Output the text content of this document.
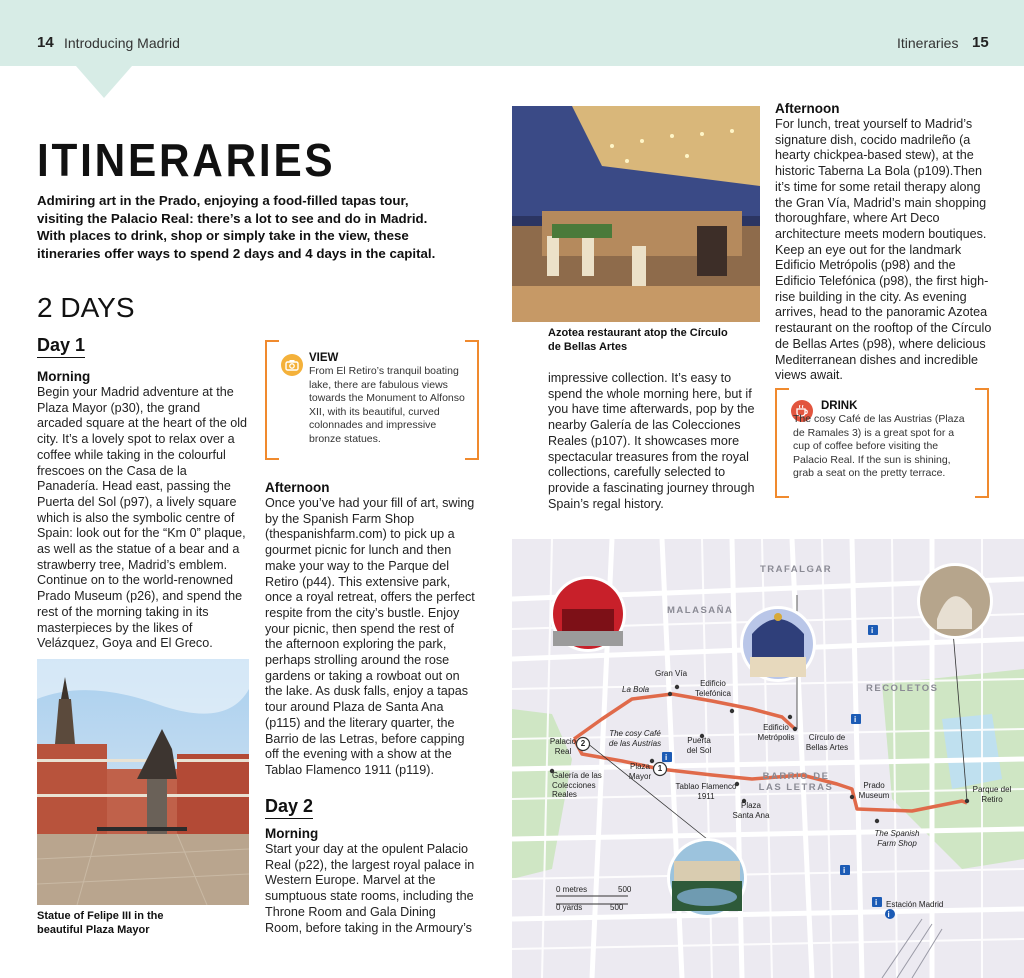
14 Introducing Madrid	Itineraries 15
ITINERARIES
Admiring art in the Prado, enjoying a food-filled tapas tour, visiting the Palacio Real: there’s a lot to see and do in Madrid. With places to drink, shop or simply take in the view, these itineraries offer ways to spend 2 days and 4 days in the capital.
2 DAYS
Day 1
Morning
Begin your Madrid adventure at the Plaza Mayor (p30), the grand arcaded square at the heart of the old city. It’s a lovely spot to relax over a coffee while taking in the colourful frescoes on the Casa de la Panadería. Head east, passing the Puerta del Sol (p97), a lively square which is also the symbolic centre of Spain: look out for the “Km 0” plaque, as well as the statue of a bear and a strawberry tree, Madrid’s emblem. Continue on to the world-renowned Prado Museum (p26), and spend the rest of the morning taking in its masterpieces by the likes of Velázquez, Goya and El Greco.
VIEW
From El Retiro’s tranquil boating lake, there are fabulous views towards the Monument to Alfonso XII, with its beautiful, curved colonnades and impressive bronze statues.
Afternoon
Once you’ve had your fill of art, swing by the Spanish Farm Shop (thespanishfarm.com) to pick up a gourmet picnic for lunch and then make your way to the Parque del Retiro (p44). This extensive park, once a royal retreat, offers the perfect respite from the city’s bustle. Enjoy your picnic, then spend the rest of the afternoon exploring the park, perhaps strolling around the rose gardens or taking a rowboat out on the lake. As dusk falls, enjoy a tapas tour around Plaza de Santa Ana (p115) and the literary quarter, the Barrio de las Letras, before capping off the evening with a show at the Tablao Flamenco 1911 (p119).
Day 2
Morning
Start your day at the opulent Palacio Real (p22), the largest royal palace in Western Europe. Marvel at the sumptuous state rooms, including the Throne Room and Gala Dining Room, before taking in the Armoury’s
Statue of Felipe III in the beautiful Plaza Mayor
Azotea restaurant atop the Círculo de Bellas Artes
impressive collection. It’s easy to spend the whole morning here, but if you have time afterwards, pop by the nearby Galería de las Colecciones Reales (p107). It showcases more spectacular treasures from the royal collections, carefully selected to provide a fascinating journey through Spain’s regal history.
Afternoon
For lunch, treat yourself to Madrid’s signature dish, cocido madrileño (a hearty chickpea-based stew), at the historic Taberna La Bola (p109).Then it’s time for some retail therapy along the Gran Vía, Madrid’s main shopping thoroughfare, where Art Deco architecture meets modern boutiques. Keep an eye out for the landmark Edificio Metrópolis (p98) and the Edificio Telefónica (p98), the first high-rise building in the city. As evening arrives, head to the panoramic Azotea restaurant on the rooftop of the Círculo de Bellas Artes (p98), where delicious Mediterranean dishes and incredible views await.
DRINK
The cosy Café de las Austrias (Plaza de Ramales 3) is a great spot for a cup of coffee before visiting the Palacio Real. If the sun is shining, grab a seat on the pretty terrace.
i
i
i
i
i
i
TRAFALGAR
MALASAÑA
RECOLETOS
BARRIO DE LAS LETRAS
Gran Vía
La Bola
Edificio Telefónica
Edificio Metrópolis	Círculo de Bellas Artes
Palacio Real
The cosy Café de las Austrias	Puerta del Sol
Plaza Mayor
Galería de las Colecciones Reales
Tablao Flamenco 1911
Plaza Santa Ana
Prado Museum
Parque del Retiro
The Spanish Farm Shop
Estación Madrid
2
1
0 metres	500
0 yards	500
